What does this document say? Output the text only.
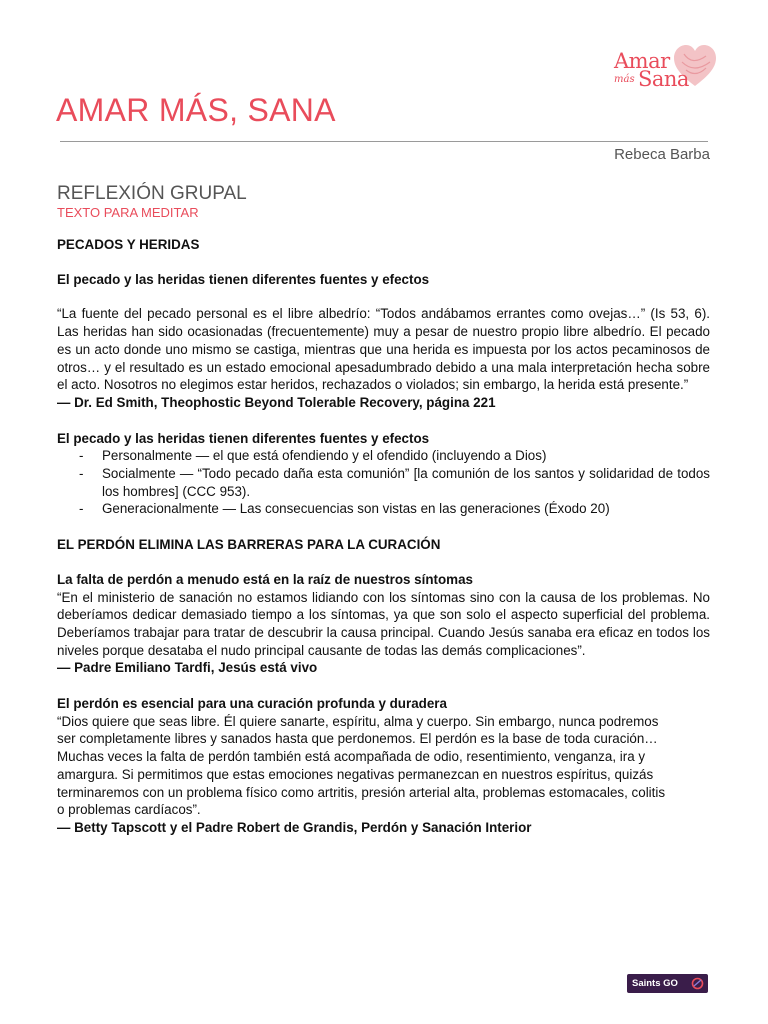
Amar
más Sana
AMAR MÁS, SANA
Rebeca Barba
REFLEXIÓN GRUPAL
TEXTO PARA MEDITAR
PECADOS Y HERIDAS
El pecado y las heridas tienen diferentes fuentes y efectos

“La fuente del pecado personal es el libre albedrío: “Todos andábamos errantes como ovejas…” (Is 53, 6). Las heridas han sido ocasionadas (frecuentemente) muy a pesar de nuestro propio libre albedrío. El pecado es un acto donde uno mismo se castiga, mientras que una herida es impuesta por los actos pecaminosos de otros… y el resultado es un estado emocional apesadumbrado debido a una mala interpretación hecha sobre el acto. Nosotros no elegimos estar heridos, rechazados o violados; sin embargo, la herida está presente.”

— Dr. Ed Smith, Theophostic Beyond Tolerable Recovery, página 221

El pecado y las heridas tienen diferentes fuentes y efectos
- Personalmente — el que está ofendiendo y el ofendido (incluyendo a Dios)
- Socialmente — “Todo pecado daña esta comunión” [la comunión de los santos y solidaridad de todos los hombres] (CCC 953).
- Generacionalmente — Las consecuencias son vistas en las generaciones (Éxodo 20)
EL PERDÓN ELIMINA LAS BARRERAS PARA LA CURACIÓN
La falta de perdón a menudo está en la raíz de nuestros síntomas

“En el ministerio de sanación no estamos lidiando con los síntomas sino con la causa de los problemas. No deberíamos dedicar demasiado tiempo a los síntomas, ya que son solo el aspecto superficial del problema. Deberíamos trabajar para tratar de descubrir la causa principal. Cuando Jesús sanaba era eficaz en todos los niveles porque desataba el nudo principal causante de todas las demás complicaciones”.

— Padre Emiliano Tardfi, Jesús está vivo

El perdón es esencial para una curación profunda y duradera
“Dios quiere que seas libre. Él quiere sanarte, espíritu, alma y cuerpo. Sin embargo, nunca podremos
ser completamente libres y sanados hasta que perdonemos. El perdón es la base de toda curación…
Muchas veces la falta de perdón también está acompañada de odio, resentimiento, venganza, ira y
amargura. Si permitimos que estas emociones negativas permanezcan en nuestros espíritus, quizás
terminaremos con un problema físico como artritis, presión arterial alta, problemas estomacales, colitis
o problemas cardíacos”.

— Betty Tapscott y el Padre Robert de Grandis, Perdón y Sanación Interior

Saints GO
